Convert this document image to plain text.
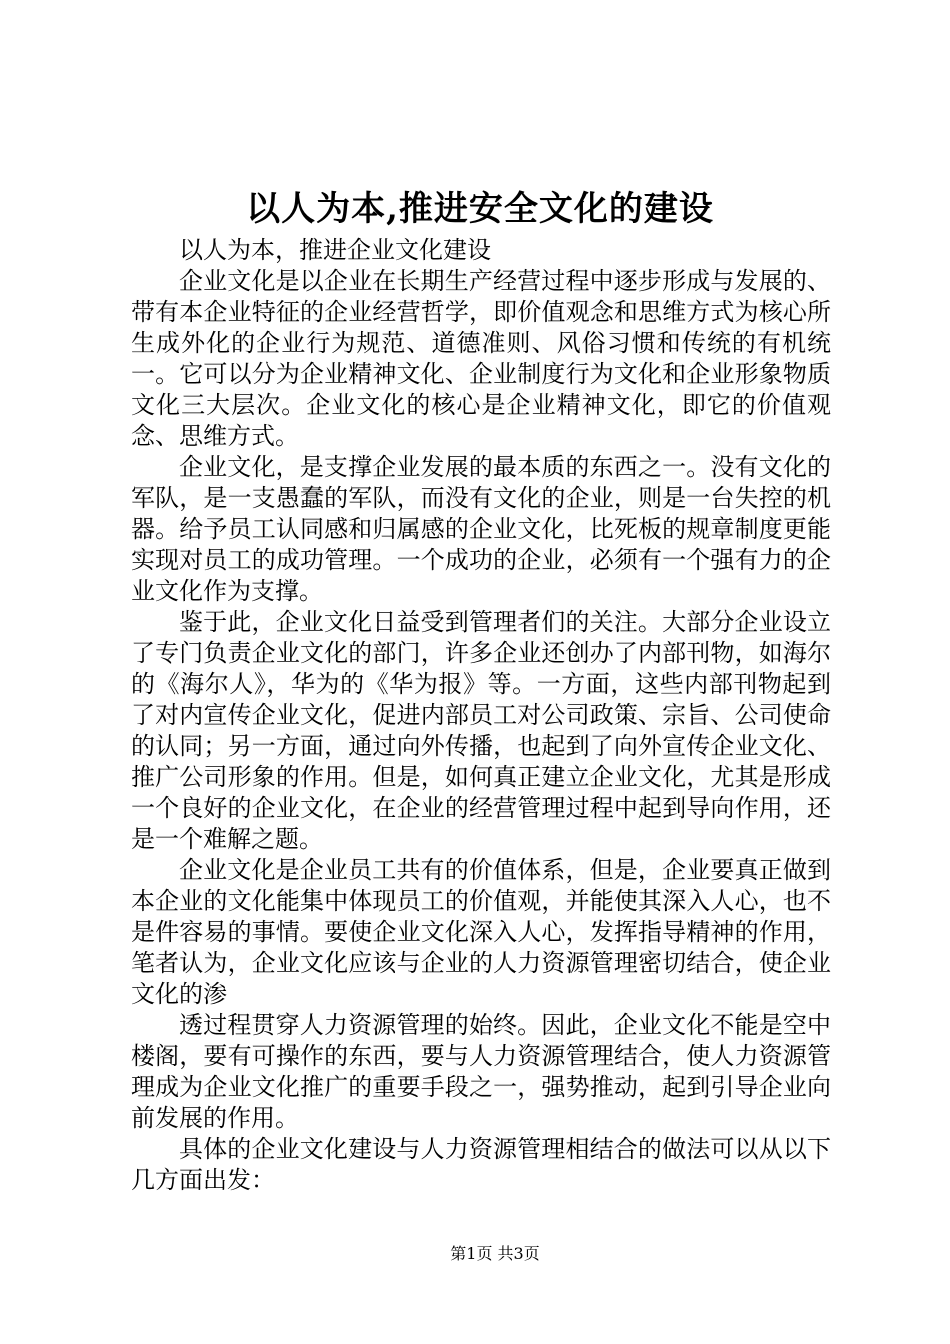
以人为本,推进安全文化的建设

以人为本，推进企业文化建设

企业文化是以企业在长期生产经营过程中逐步形成与发展的、带有本企业特征的企业经营哲学，即价值观念和思维方式为核心所生成外化的企业行为规范、道德准则、风俗习惯和传统的有机统一。它可以分为企业精神文化、企业制度行为文化和企业形象物质文化三大层次。企业文化的核心是企业精神文化，即它的价值观念、思维方式。

企业文化，是支撑企业发展的最本质的东西之一。没有文化的军队，是一支愚蠢的军队，而没有文化的企业，则是一台失控的机器。给予员工认同感和归属感的企业文化，比死板的规章制度更能实现对员工的成功管理。一个成功的企业，必须有一个强有力的企业文化作为支撑。

鉴于此，企业文化日益受到管理者们的关注。大部分企业设立了专门负责企业文化的部门，许多企业还创办了内部刊物，如海尔的《海尔人》，华为的《华为报》等。一方面，这些内部刊物起到了对内宣传企业文化，促进内部员工对公司政策、宗旨、公司使命的认同；另一方面，通过向外传播，也起到了向外宣传企业文化、推广公司形象的作用。但是，如何真正建立企业文化，尤其是形成一个良好的企业文化，在企业的经营管理过程中起到导向作用，还是一个难解之题。

企业文化是企业员工共有的价值体系，但是，企业要真正做到本企业的文化能集中体现员工的价值观，并能使其深入人心，也不是件容易的事情。要使企业文化深入人心，发挥指导精神的作用，笔者认为，企业文化应该与企业的人力资源管理密切结合，使企业文化的渗

透过程贯穿人力资源管理的始终。因此，企业文化不能是空中楼阁，要有可操作的东西，要与人力资源管理结合，使人力资源管理成为企业文化推广的重要手段之一，强势推动，起到引导企业向前发展的作用。

具体的企业文化建设与人力资源管理相结合的做法可以从以下几方面出发：

第1页 共3页
